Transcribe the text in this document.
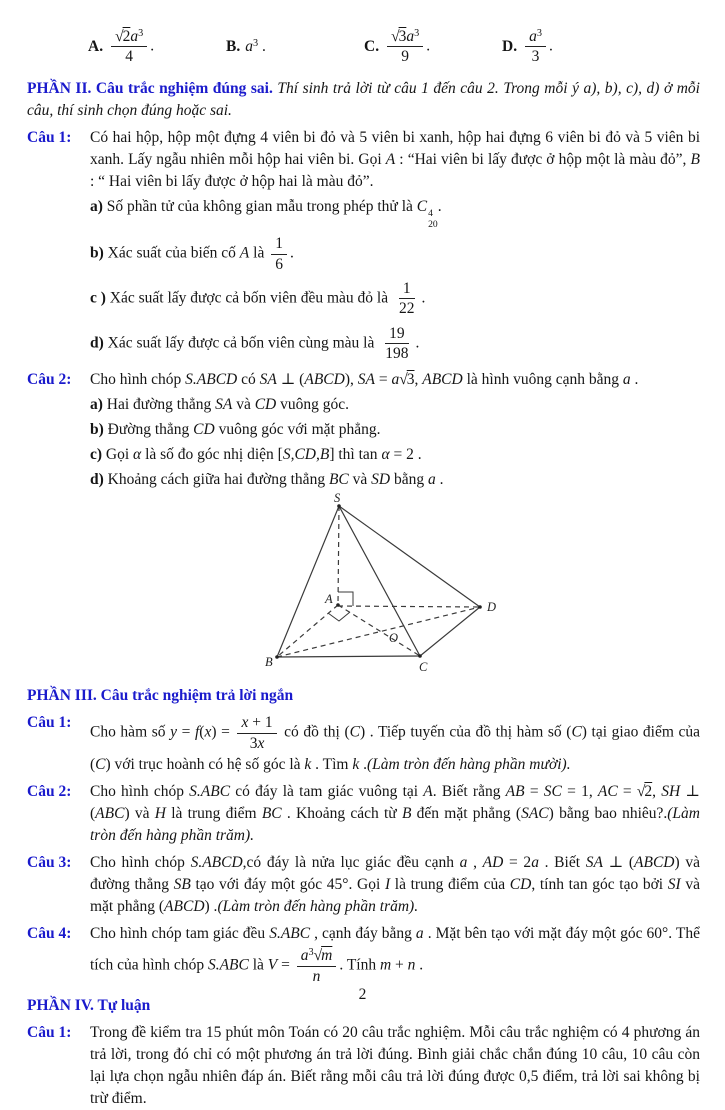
A. $\frac{√2a^3}{4}$ .	B. $a^3$ .	C. $\frac{√3a^3}{9}$ .	D. $\frac{a^3}{3}$ .

PHẦN II. Câu trắc nghiệm đúng sai. Thí sinh trả lời từ câu 1 đến câu 2. Trong mỗi ý a), b), c), d) ở mỗi câu, thí sinh chọn đúng hoặc sai.

Câu 1:	Có hai hộp, hộp một đựng 4 viên bi đỏ và 5 viên bi xanh, hộp hai đựng 6 viên bi đỏ và 5 viên bi xanh. Lấy ngẫu nhiên mỗi hộp hai viên bi. Gọi A : “Hai viên bi lấy được ở hộp một là màu đỏ”, B : “ Hai viên bi lấy được ở hộp hai là màu đỏ”.

a) Số phần tử của không gian mẫu trong phép thử là C 4
20
.

b) Xác suất của biến cố A là $\frac{1}{6}$ .

c ) Xác suất lấy được cả bốn viên đều màu đỏ là $\frac{1}{22}$ .

d) Xác suất lấy được cả bốn viên cùng màu là $\frac{19}{198}$ .

Câu 2:	Cho hình chóp S.ABCD có SA ⊥ (ABCD), SA = a√3, ABCD là hình vuông cạnh bằng a .

a) Hai đường thẳng SA và CD vuông góc.

b) Đường thẳng CD vuông góc với mặt phẳng.

c) Gọi α là số đo góc nhị diện [S,CD,B] thì tan α = 2 .

d) Khoảng cách giữa hai đường thẳng BC và SD bằng a .

S
A
B	C
D
O

PHẦN III. Câu trắc nghiệm trả lời ngắn

Câu 1:

Cho hàm số $y = f(x) = \frac{x + 1}{3x}$ có đồ thị (C) . Tiếp tuyến của đồ thị hàm số (C) tại giao điểm của (C) với trục hoành có hệ số góc là k . Tìm k .(Làm tròn đến hàng phần mười).

Câu 2:	Cho hình chóp S.ABC có đáy là tam giác vuông tại A. Biết rằng AB = SC = 1, AC = √2, SH ⊥ (ABC) và H là trung điểm BC . Khoảng cách từ B đến mặt phẳng (SAC) bằng bao nhiêu?.(Làm tròn đến hàng phần trăm).

Câu 3:	Cho hình chóp S.ABCD,có đáy là nửa lục giác đều cạnh a , AD = 2a . Biết SA ⊥ (ABCD) và đường thẳng SB tạo với đáy một góc 45°. Gọi I là trung điểm của CD, tính tan góc tạo bởi SI và mặt phẳng (ABCD) .(Làm tròn đến hàng phần trăm).

Câu 4:	Cho hình chóp tam giác đều S.ABC , cạnh đáy bằng a . Mặt bên tạo với mặt đáy một góc 60°. Thể tích của hình chóp S.ABC là $V = \frac{a^3√m}{n}$ . Tính m + n .

PHẦN IV. Tự luận

Câu 1:	Trong đề kiểm tra 15 phút môn Toán có 20 câu trắc nghiệm. Mỗi câu trắc nghiệm có 4 phương án trả lời, trong đó chỉ có một phương án trả lời đúng. Bình giải chắc chắn đúng 10 câu, 10 câu còn lại lựa chọn ngẫu nhiên đáp án. Biết rằng mỗi câu trả lời đúng được 0,5 điểm, trả lời sai không bị trừ điểm.

2
